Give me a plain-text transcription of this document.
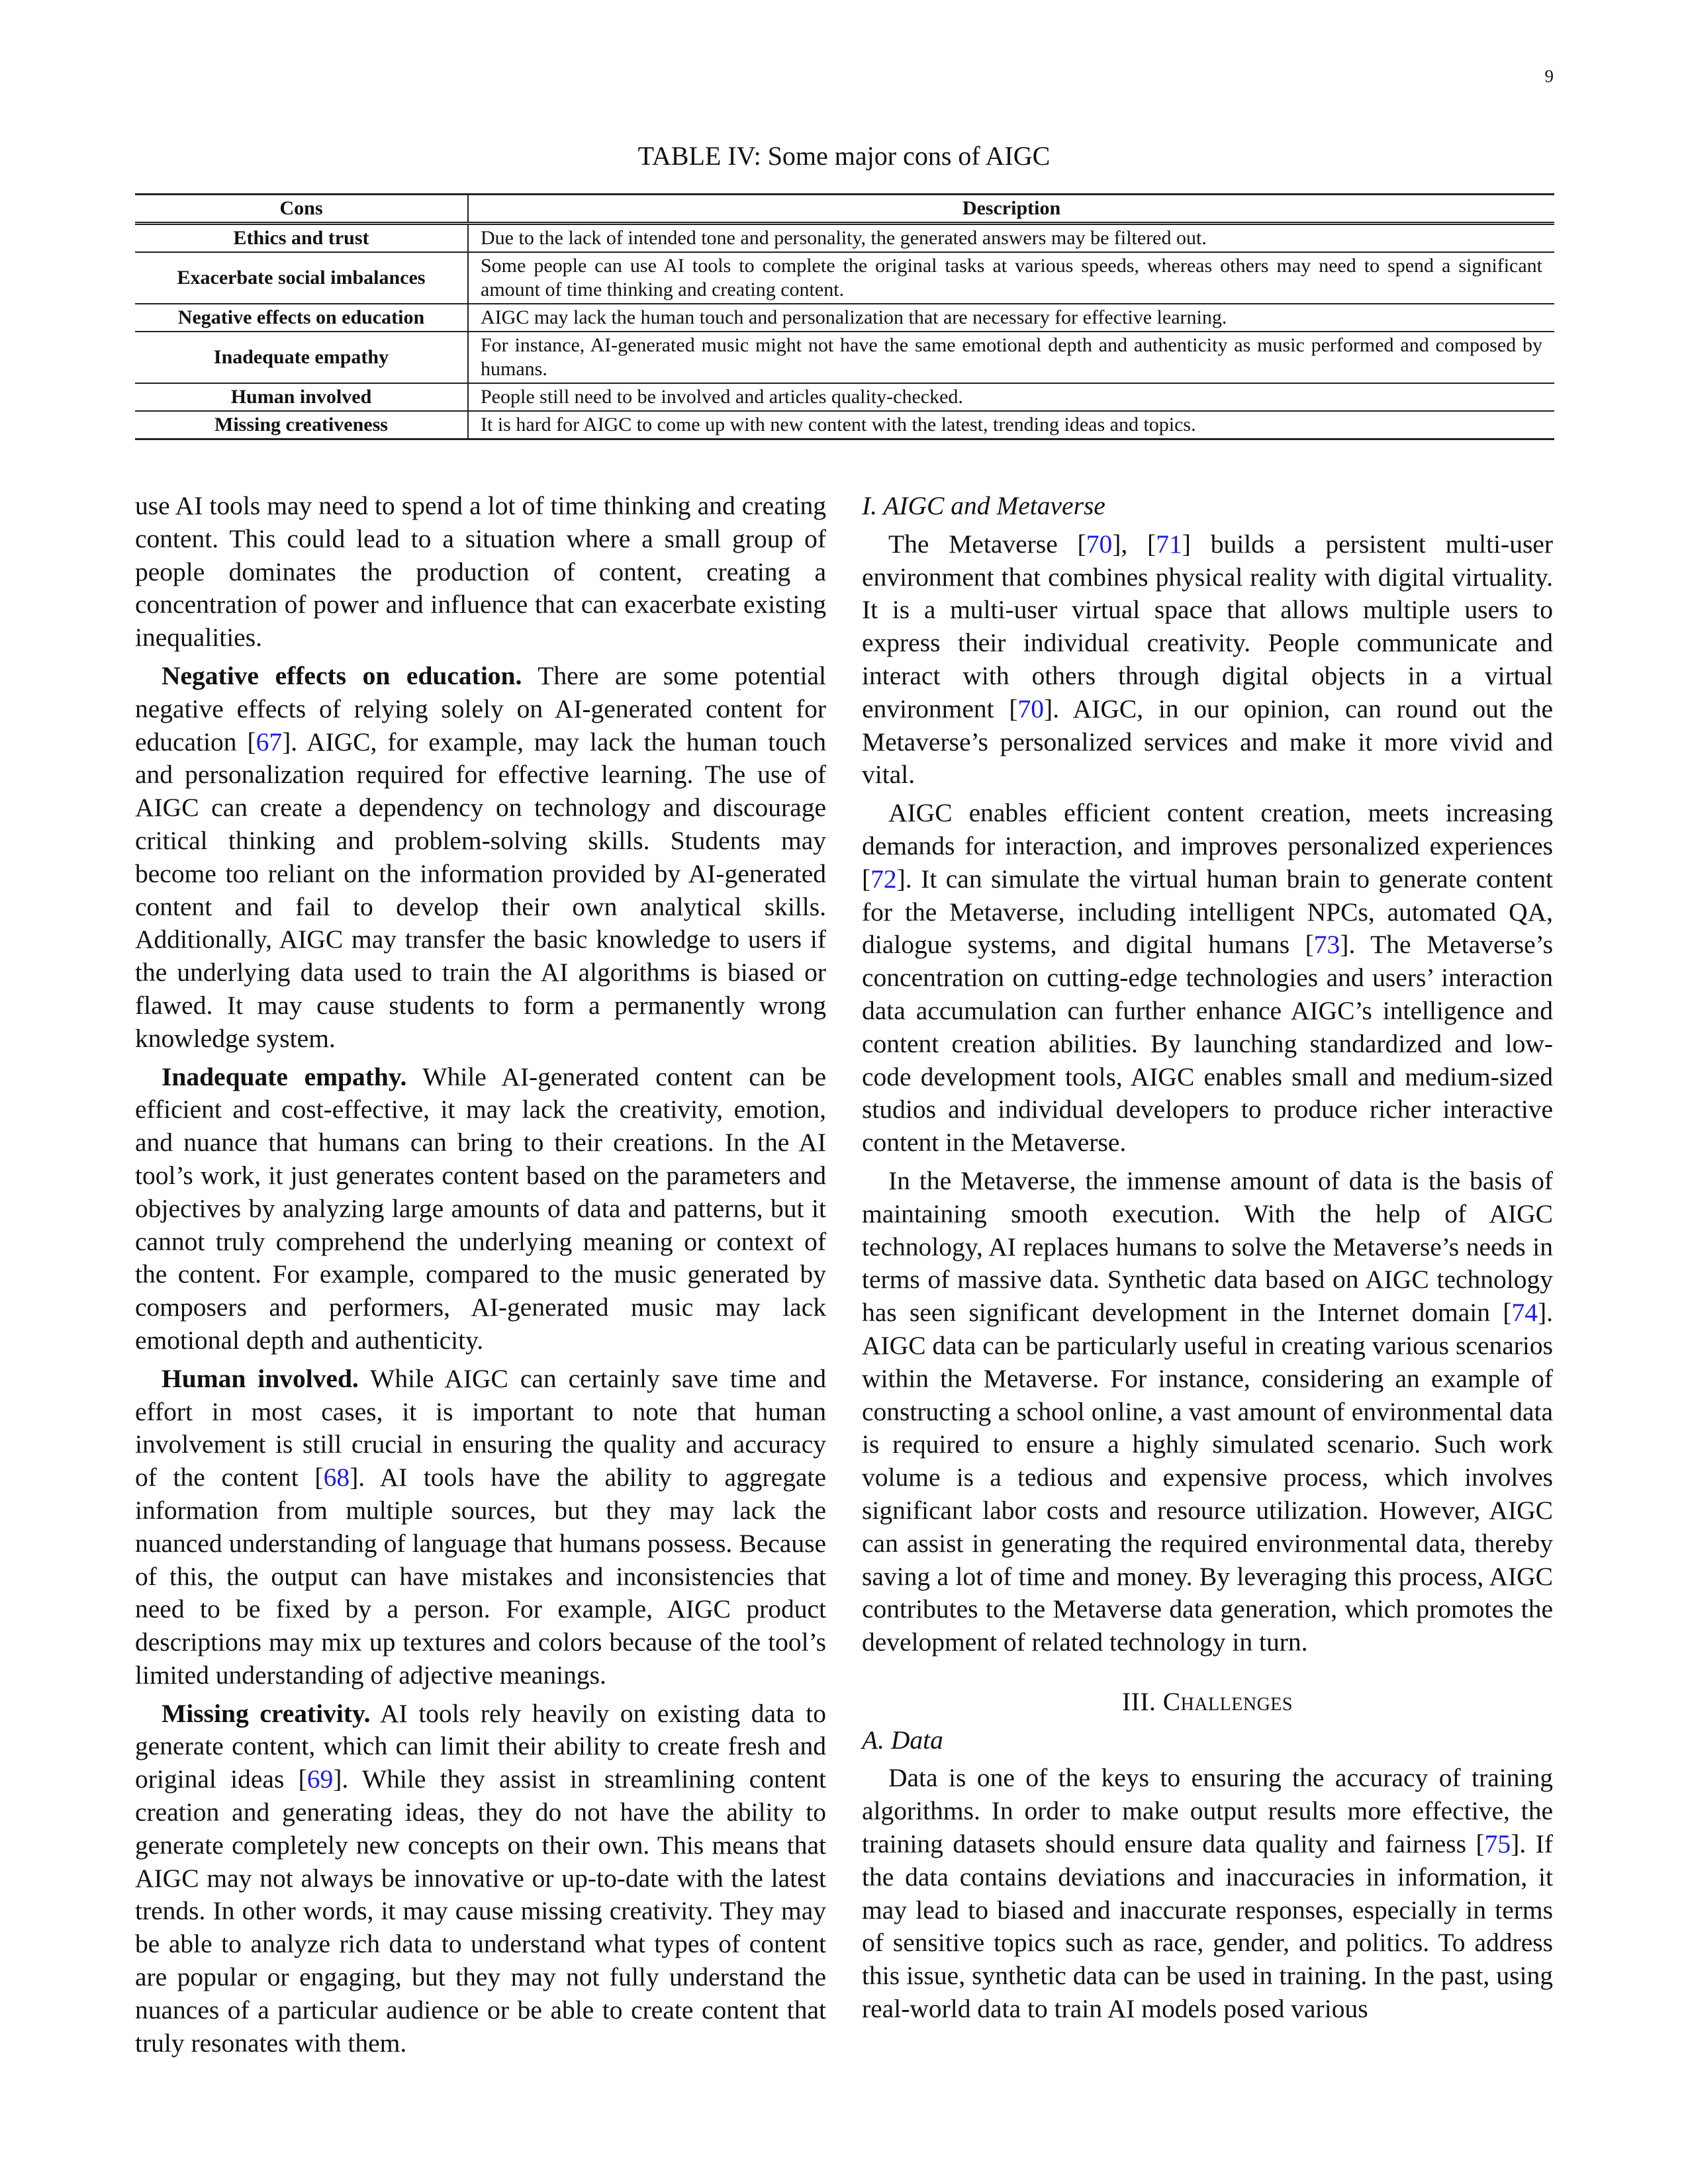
9
TABLE IV: Some major cons of AIGC
Cons	Description
Ethics and trust	Due to the lack of intended tone and personality, the generated answers may be filtered out.
Exacerbate social imbalances	Some people can use AI tools to complete the original tasks at various speeds, whereas others may need to spend a significant amount of time thinking and creating content.
Negative effects on education	AIGC may lack the human touch and personalization that are necessary for effective learning.
Inadequate empathy	For instance, AI-generated music might not have the same emotional depth and authenticity as music performed and composed by humans.
Human involved	People still need to be involved and articles quality-checked.
Missing creativeness	It is hard for AIGC to come up with new content with the latest, trending ideas and topics.

use AI tools may need to spend a lot of time thinking and creating content. This could lead to a situation where a small group of people dominates the production of content, creating a concentration of power and influence that can exacerbate existing inequalities.

Negative effects on education. There are some potential negative effects of relying solely on AI-generated content for education [67]. AIGC, for example, may lack the human touch and personalization required for effective learning. The use of AIGC can create a dependency on technology and discourage critical thinking and problem-solving skills. Students may become too reliant on the information provided by AI-generated content and fail to develop their own analytical skills. Additionally, AIGC may transfer the basic knowledge to users if the underlying data used to train the AI algorithms is biased or flawed. It may cause students to form a permanently wrong knowledge system.

Inadequate empathy. While AI-generated content can be efficient and cost-effective, it may lack the creativity, emotion, and nuance that humans can bring to their creations. In the AI tool’s work, it just generates content based on the parameters and objectives by analyzing large amounts of data and patterns, but it cannot truly comprehend the underlying meaning or context of the content. For example, compared to the music generated by composers and performers, AI-generated music may lack emotional depth and authenticity.

Human involved. While AIGC can certainly save time and effort in most cases, it is important to note that human involvement is still crucial in ensuring the quality and accuracy of the content [68]. AI tools have the ability to aggregate information from multiple sources, but they may lack the nuanced understanding of language that humans possess. Because of this, the output can have mistakes and inconsistencies that need to be fixed by a person. For example, AIGC product descriptions may mix up textures and colors because of the tool’s limited understanding of adjective meanings.

Missing creativity. AI tools rely heavily on existing data to generate content, which can limit their ability to create fresh and original ideas [69]. While they assist in streamlining content creation and generating ideas, they do not have the ability to generate completely new concepts on their own. This means that AIGC may not always be innovative or up-to-date with the latest trends. In other words, it may cause missing creativity. They may be able to analyze rich data to understand what types of content are popular or engaging, but they may not fully understand the nuances of a particular audience or be able to create content that truly resonates with them.

I. AIGC and Metaverse

The Metaverse [70], [71] builds a persistent multi-user environment that combines physical reality with digital virtuality. It is a multi-user virtual space that allows multiple users to express their individual creativity. People communicate and interact with others through digital objects in a virtual environment [70]. AIGC, in our opinion, can round out the Metaverse’s personalized services and make it more vivid and vital.

AIGC enables efficient content creation, meets increasing demands for interaction, and improves personalized experiences [72]. It can simulate the virtual human brain to generate content for the Metaverse, including intelligent NPCs, automated QA, dialogue systems, and digital humans [73]. The Metaverse’s concentration on cutting-edge technologies and users’ interaction data accumulation can further enhance AIGC’s intelligence and content creation abilities. By launching standardized and low-code development tools, AIGC enables small and medium-sized studios and individual developers to produce richer interactive content in the Metaverse.

In the Metaverse, the immense amount of data is the basis of maintaining smooth execution. With the help of AIGC technology, AI replaces humans to solve the Metaverse’s needs in terms of massive data. Synthetic data based on AIGC technology has seen significant development in the Internet domain [74]. AIGC data can be particularly useful in creating various scenarios within the Metaverse. For instance, considering an example of constructing a school online, a vast amount of environmental data is required to ensure a highly simulated scenario. Such work volume is a tedious and expensive process, which involves significant labor costs and resource utilization. However, AIGC can assist in generating the required environmental data, thereby saving a lot of time and money. By leveraging this process, AIGC contributes to the Metaverse data generation, which promotes the development of related technology in turn.

III. Challenges
A. Data

Data is one of the keys to ensuring the accuracy of training algorithms. In order to make output results more effective, the training datasets should ensure data quality and fairness [75]. If the data contains deviations and inaccuracies in information, it may lead to biased and inaccurate responses, especially in terms of sensitive topics such as race, gender, and politics. To address this issue, synthetic data can be used in training. In the past, using real-world data to train AI models posed various
